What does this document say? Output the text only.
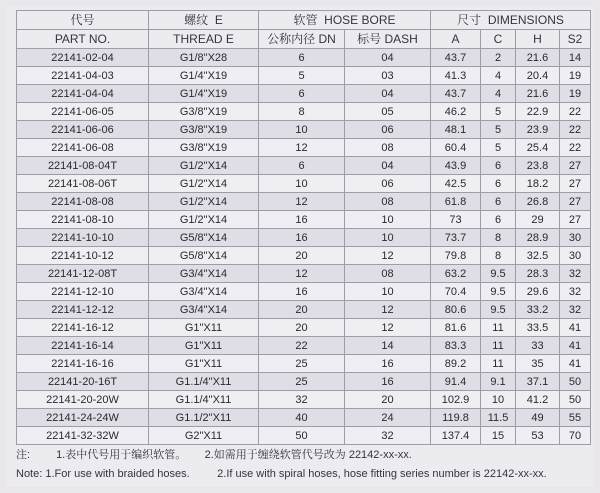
代号	螺纹 E	软管 HOSE BORE		尺寸 DIMENSIONS			
PART NO.	THREAD E	公称内径 DN	标号 DASH	A	C	H	S2
22141-02-04	G1/8"X28	6	04	43.7	2	21.6	14
22141-04-03	G1/4"X19	5	03	41.3	4	20.4	19
22141-04-04	G1/4"X19	6	04	43.7	4	21.6	19
22141-06-05	G3/8"X19	8	05	46.2	5	22.9	22
22141-06-06	G3/8"X19	10	06	48.1	5	23.9	22
22141-06-08	G3/8"X19	12	08	60.4	5	25.4	22
22141-08-04T	G1/2"X14	6	04	43.9	6	23.8	27
22141-08-06T	G1/2"X14	10	06	42.5	6	18.2	27
22141-08-08	G1/2"X14	12	08	61.8	6	26.8	27
22141-08-10	G1/2"X14	16	10	73	6	29	27
22141-10-10	G5/8"X14	16	10	73.7	8	28.9	30
22141-10-12	G5/8"X14	20	12	79.8	8	32.5	30
22141-12-08T	G3/4"X14	12	08	63.2	9.5	28.3	32
22141-12-10	G3/4"X14	16	10	70.4	9.5	29.6	32
22141-12-12	G3/4"X14	20	12	80.6	9.5	33.2	32
22141-16-12	G1"X11	20	12	81.6	11	33.5	41
22141-16-14	G1"X11	22	14	83.3	11	33	41
22141-16-16	G1"X11	25	16	89.2	11	35	41
22141-20-16T	G1.1/4"X11	25	16	91.4	9.1	37.1	50
22141-20-20W	G1.1/4"X11	32	20	102.9	10	41.2	50
22141-24-24W	G1.1/2"X11	40	24	119.8	11.5	49	55
22141-32-32W	G2"X11	50	32	137.4	15	53	70
注: 1.表中代号用于编织软管。 2.如需用于缠绕软管代号改为 22142-xx-xx.
Note: 1.For use with braided hoses.	2.If use with spiral hoses, hose fitting series number is 22142-xx-xx.
